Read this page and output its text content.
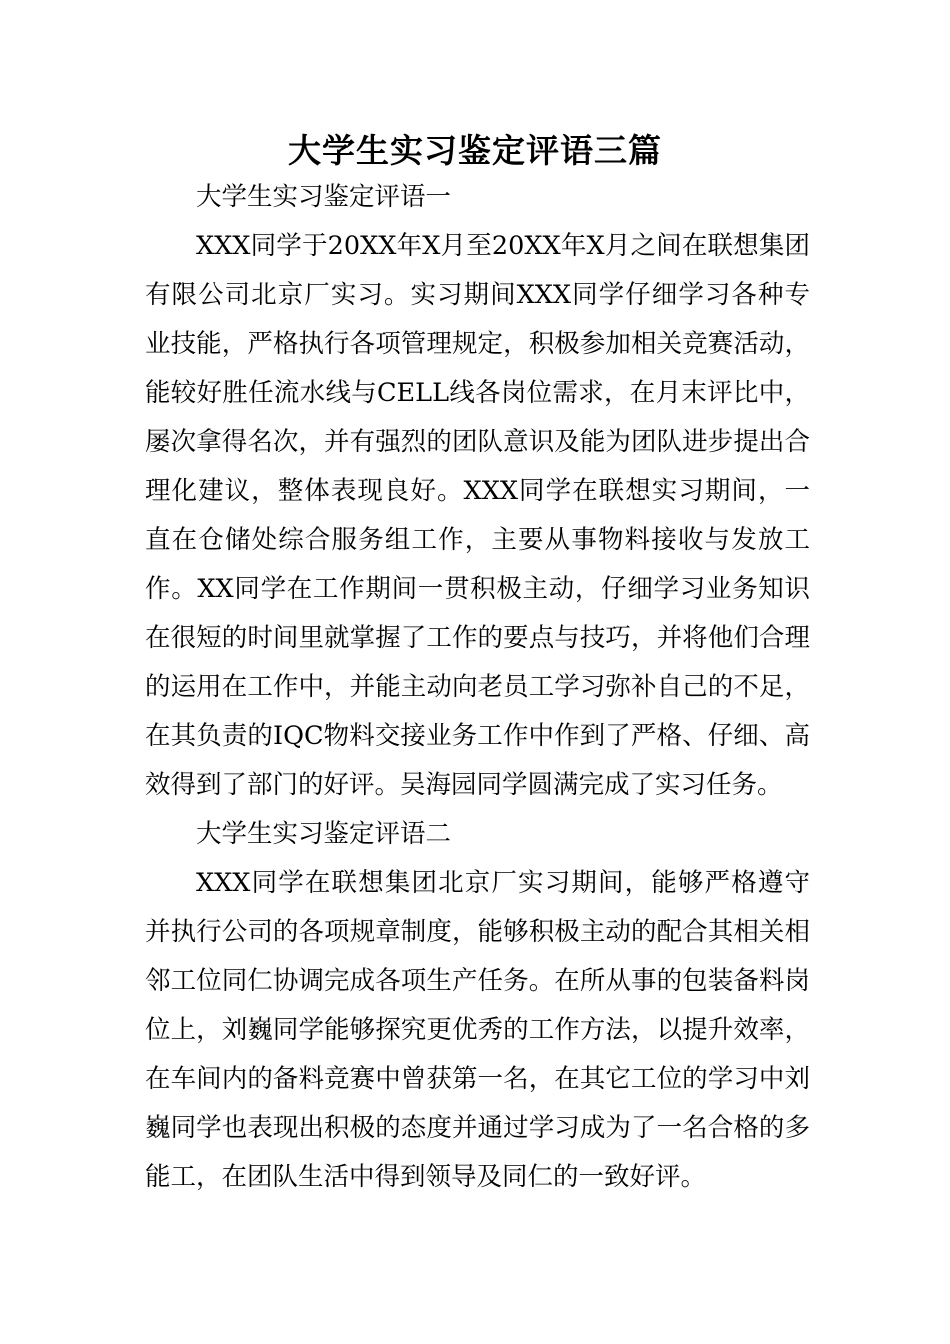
大学生实习鉴定评语三篇

大学生实习鉴定评语一

XXX同学于20XX年X月至20XX年X月之间在联想集团有限公司北京厂实习。实习期间XXX同学仔细学习各种专业技能，严格执行各项管理规定，积极参加相关竞赛活动，能较好胜任流水线与CELL线各岗位需求，在月末评比中，屡次拿得名次，并有强烈的团队意识及能为团队进步提出合理化建议，整体表现良好。XXX同学在联想实习期间，一直在仓储处综合服务组工作，主要从事物料接收与发放工作。XX同学在工作期间一贯积极主动，仔细学习业务知识在很短的时间里就掌握了工作的要点与技巧，并将他们合理的运用在工作中，并能主动向老员工学习弥补自己的不足，在其负责的IQC物料交接业务工作中作到了严格、仔细、高效得到了部门的好评。吴海园同学圆满完成了实习任务。

大学生实习鉴定评语二

XXX同学在联想集团北京厂实习期间，能够严格遵守并执行公司的各项规章制度，能够积极主动的配合其相关相邻工位同仁协调完成各项生产任务。在所从事的包装备料岗位上，刘巍同学能够探究更优秀的工作方法，以提升效率，在车间内的备料竞赛中曾获第一名，在其它工位的学习中刘巍同学也表现出积极的态度并通过学习成为了一名合格的多能工，在团队生活中得到领导及同仁的一致好评。
